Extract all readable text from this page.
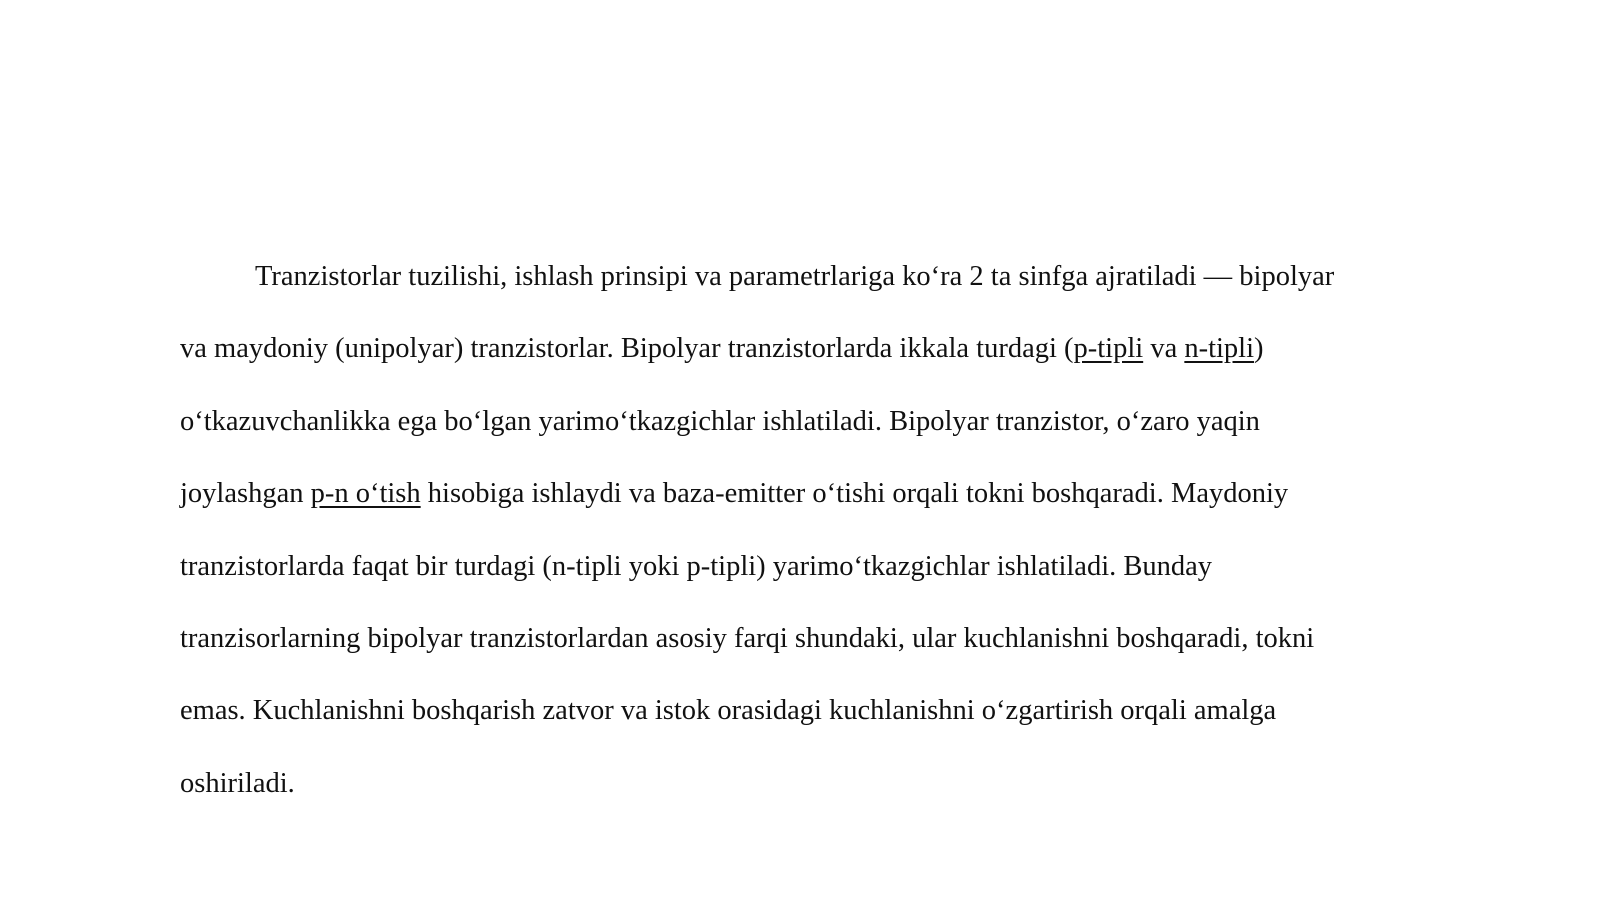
Tranzistorlar tuzilishi, ishlash prinsipi va parametrlariga ko‘ra 2 ta sinfga ajratiladi — bipolyar
va maydoniy (unipolyar) tranzistorlar. Bipolyar tranzistorlarda ikkala turdagi (p-tipli va n-tipli)
o‘tkazuvchanlikka ega bo‘lgan yarimo‘tkazgichlar ishlatiladi. Bipolyar tranzistor, o‘zaro yaqin
joylashgan p-n o‘tish hisobiga ishlaydi va baza-emitter o‘tishi orqali tokni boshqaradi. Maydoniy
tranzistorlarda faqat bir turdagi (n-tipli yoki p-tipli) yarimo‘tkazgichlar ishlatiladi. Bunday
tranzisorlarning bipolyar tranzistorlardan asosiy farqi shundaki, ular kuchlanishni boshqaradi, tokni
emas. Kuchlanishni boshqarish zatvor va istok orasidagi kuchlanishni o‘zgartirish orqali amalga
oshiriladi.
